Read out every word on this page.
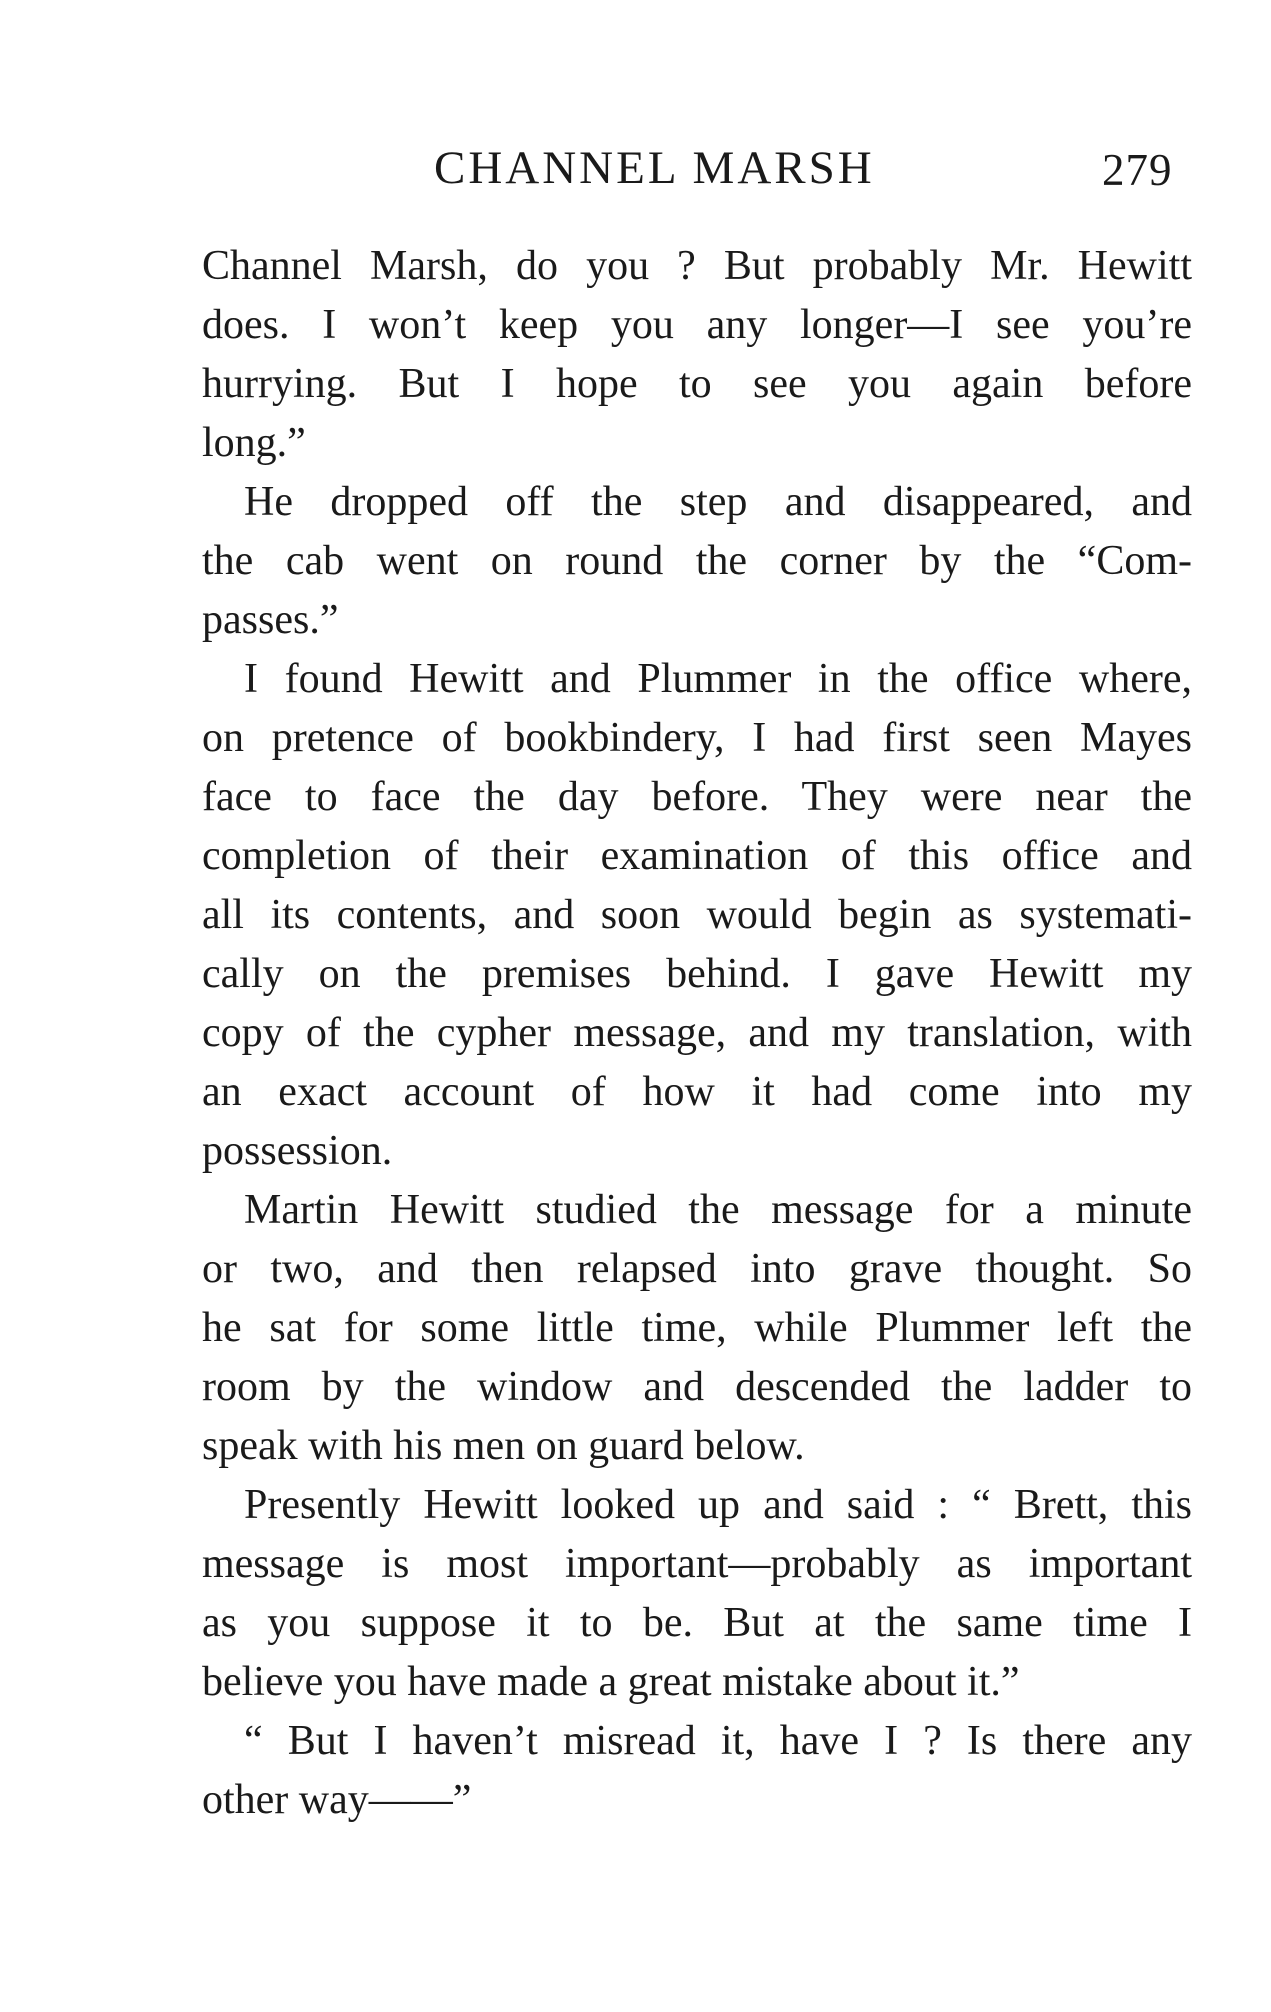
CHANNEL MARSH	279
Channel Marsh, do you ? But probably Mr. Hewitt
does. I won’t keep you any longer—I see you’re
hurrying. But I hope to see you again before
long.”
He dropped off the step and disappeared, and
the cab went on round the corner by the “Com-
passes.”
I found Hewitt and Plummer in the office where,
on pretence of bookbindery, I had first seen Mayes
face to face the day before. They were near the
completion of their examination of this office and
all its contents, and soon would begin as systemati-
cally on the premises behind. I gave Hewitt my
copy of the cypher message, and my translation, with
an exact account of how it had come into my
possession.
Martin Hewitt studied the message for a minute
or two, and then relapsed into grave thought. So
he sat for some little time, while Plummer left the
room by the window and descended the ladder to
speak with his men on guard below.
Presently Hewitt looked up and said : “ Brett, this
message is most important—probably as important
as you suppose it to be. But at the same time I
believe you have made a great mistake about it.”
“ But I haven’t misread it, have I ? Is there any
other way——”
